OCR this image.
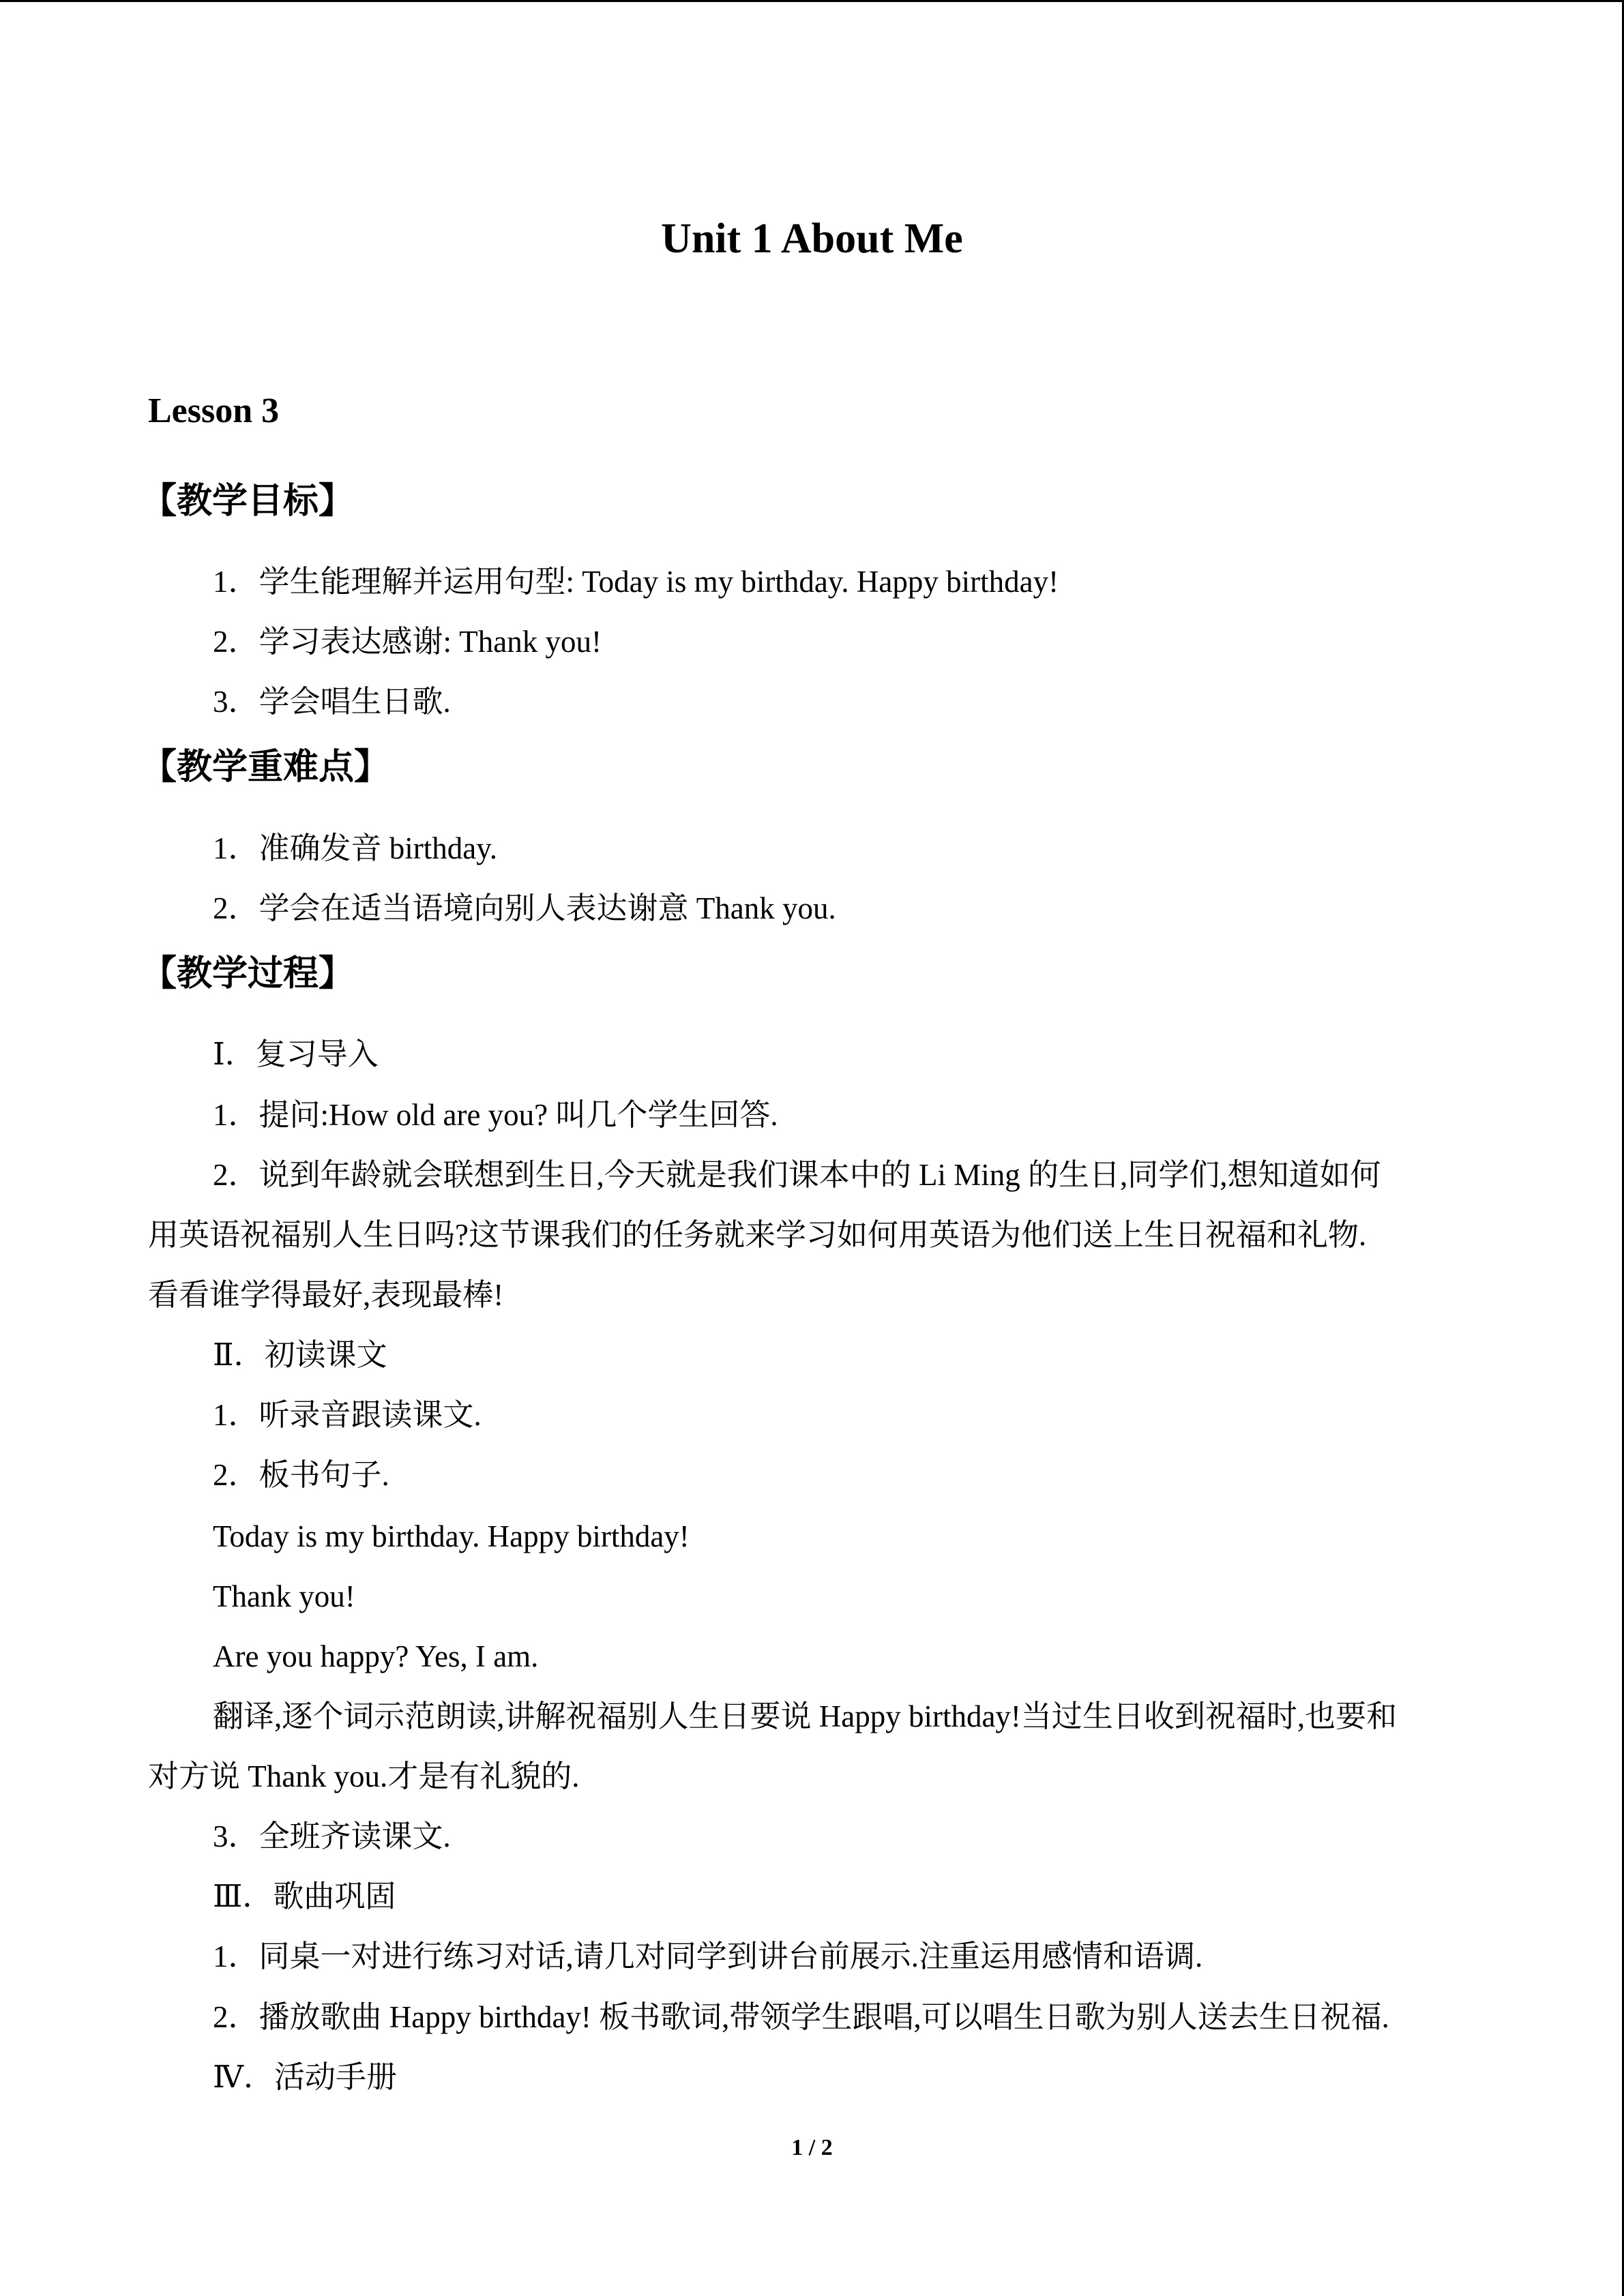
Unit 1 About Me
Lesson 3
【教学目标】
1．学生能理解并运用句型: Today is my birthday. Happy birthday!
2．学习表达感谢: Thank you!
3．学会唱生日歌.
【教学重难点】
1．准确发音 birthday.
2．学会在适当语境向别人表达谢意 Thank you.
【教学过程】
Ⅰ．复习导入
1．提问:How old are you? 叫几个学生回答.
2．说到年龄就会联想到生日,今天就是我们课本中的 Li Ming 的生日,同学们,想知道如何
用英语祝福别人生日吗?这节课我们的任务就来学习如何用英语为他们送上生日祝福和礼物.
看看谁学得最好,表现最棒!
Ⅱ．初读课文
1．听录音跟读课文.
2．板书句子.
Today is my birthday. Happy birthday!
Thank you!
Are you happy? Yes, I am.
翻译,逐个词示范朗读,讲解祝福别人生日要说 Happy birthday!当过生日收到祝福时,也要和
对方说 Thank you.才是有礼貌的.
3．全班齐读课文.
Ⅲ．歌曲巩固
1．同桌一对进行练习对话,请几对同学到讲台前展示.注重运用感情和语调.
2．播放歌曲 Happy birthday! 板书歌词,带领学生跟唱,可以唱生日歌为别人送去生日祝福.
Ⅳ．活动手册
1 / 2
